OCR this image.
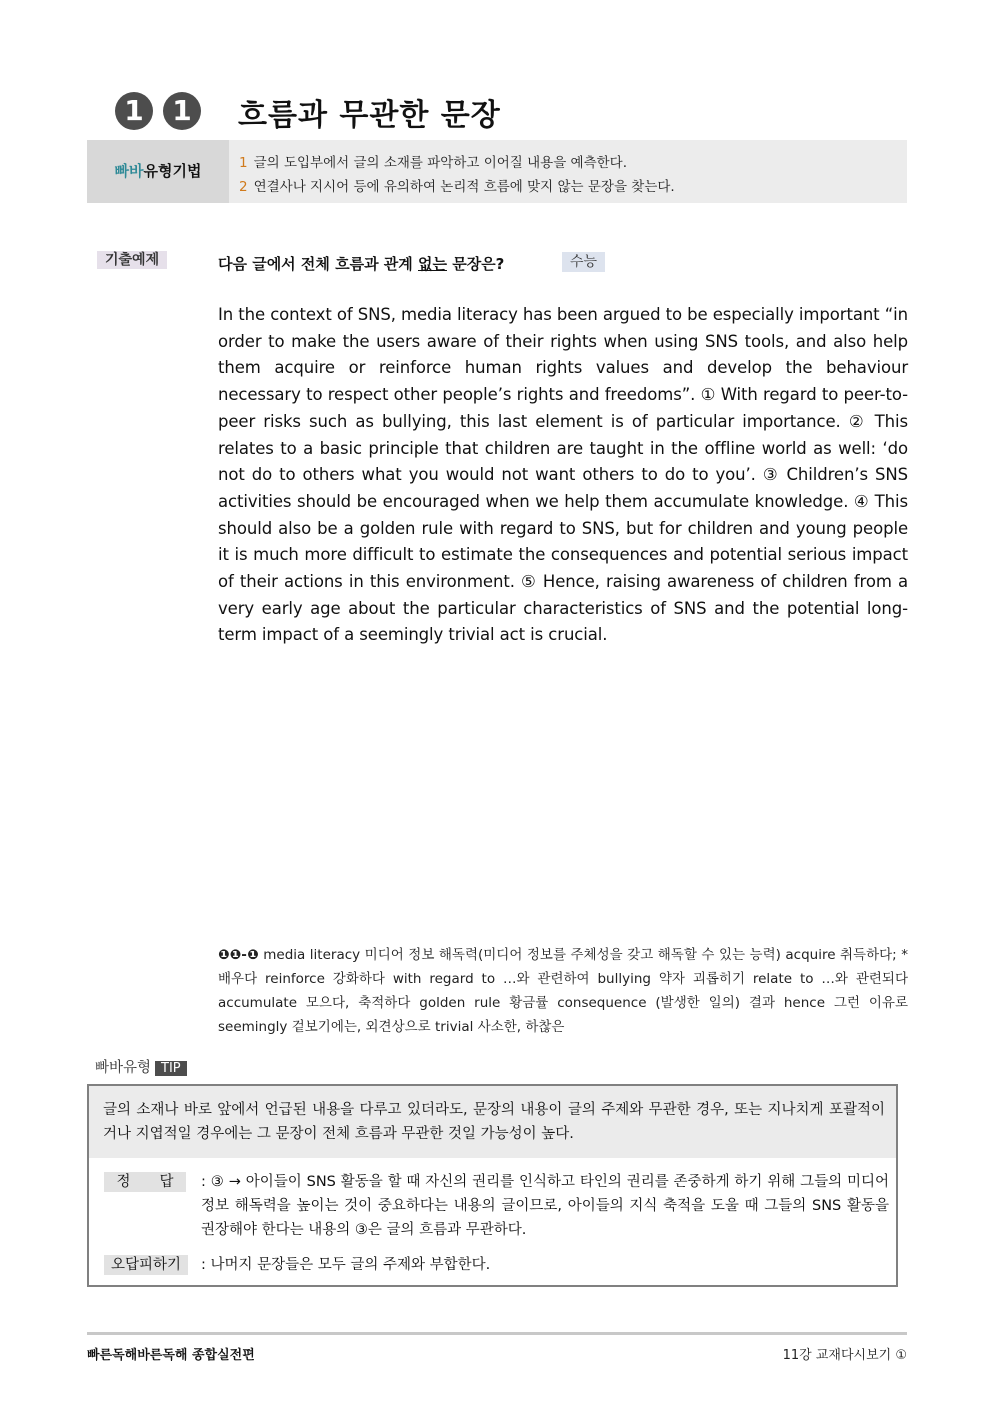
1	1	흐름과 무관한 문장
빠바유형기법	1 글의 도입부에서 글의 소재를 파악하고 이어질 내용을 예측한다.
2 연결사나 지시어 등에 유의하여 논리적 흐름에 맞지 않는 문장을 찾는다.
기출예제	다음 글에서 전체 흐름과 관계 없는 문장은?	수능
In the context of SNS, media literacy has been argued to be especially important “in order to make the users aware of their rights when using SNS tools, and also help them acquire or reinforce human rights values and develop the behaviour necessary to respect other people’s rights and freedoms”. ① With regard to peer-to-peer risks such as bullying, this last element is of particular importance. ② This relates to a basic principle that children are taught in the offline world as well: ‘do not do to others what you would not want others to do to you’. ③ Children’s SNS activities should be encouraged when we help them accumulate knowledge. ④ This should also be a golden rule with regard to SNS, but for children and young people it is much more difficult to estimate the consequences and potential serious impact of their actions in this environment. ⑤ Hence, raising awareness of children from a very early age about the particular characteristics of SNS and the potential long-term impact of a seemingly trivial act is crucial.
❶❶-❶ media literacy 미디어 정보 해독력(미디어 정보를 주체성을 갖고 해독할 수 있는 능력) acquire 취득하다; *배우다 reinforce 강화하다 with regard to …와 관련하여 bullying 약자 괴롭히기 relate to …와 관련되다 accumulate 모으다, 축적하다 golden rule 황금률 consequence (발생한 일의) 결과 hence 그런 이유로 seemingly 겉보기에는, 외견상으로 trivial 사소한, 하찮은
빠바유형 TIP
글의 소재나 바로 앞에서 언급된 내용을 다루고 있더라도, 문장의 내용이 글의 주제와 무관한 경우, 또는 지나치게 포괄적이거나 지엽적일 경우에는 그 문장이 전체 흐름과 무관한 것일 가능성이 높다.
정　　답	: ③ → 아이들이 SNS 활동을 할 때 자신의 권리를 인식하고 타인의 권리를 존중하게 하기 위해 그들의 미디어 정보 해독력을 높이는 것이 중요하다는 내용의 글이므로, 아이들의 지식 축적을 도울 때 그들의 SNS 활동을 권장해야 한다는 내용의 ③은 글의 흐름과 무관하다.
오답피하기	: 나머지 문장들은 모두 글의 주제와 부합한다.
빠른독해바른독해 종합실전편	11강 교재다시보기 ①
